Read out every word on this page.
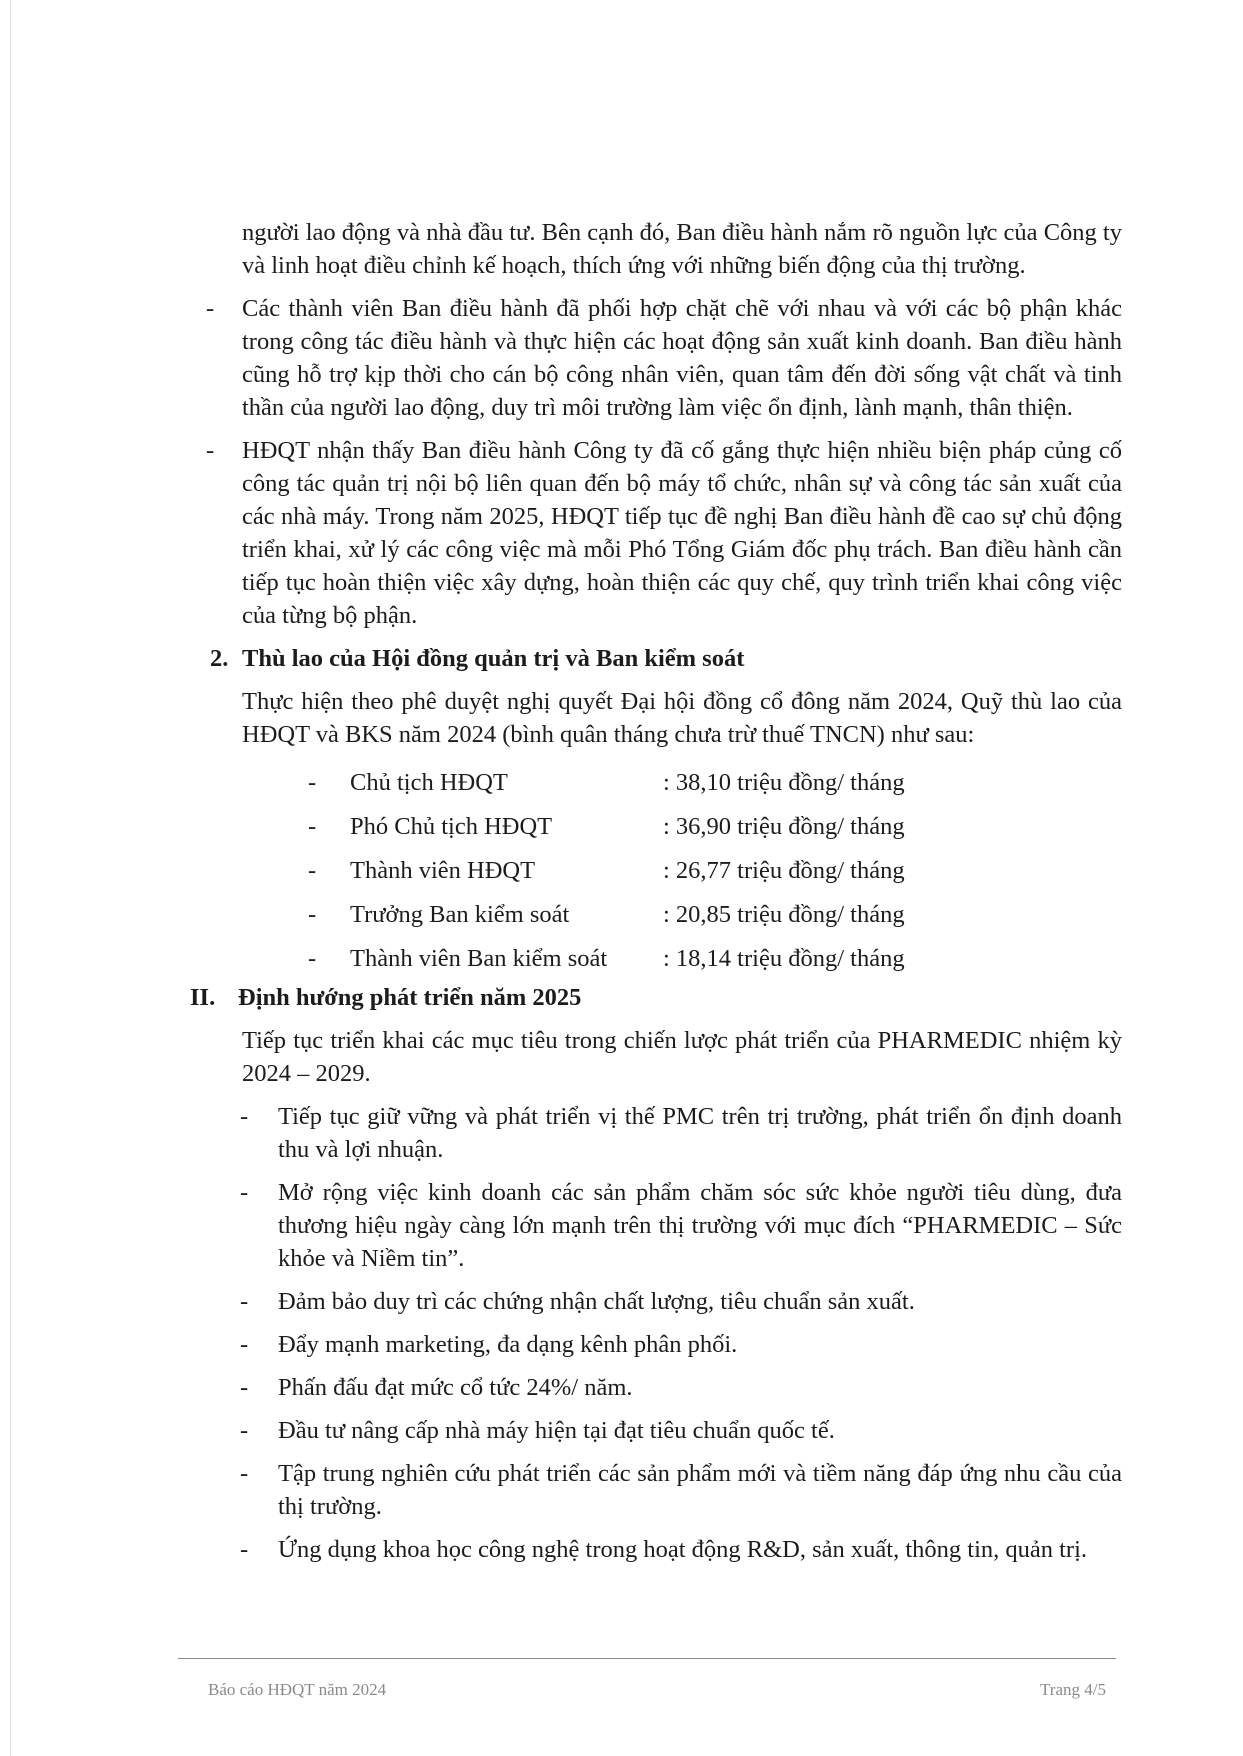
người lao động và nhà đầu tư. Bên cạnh đó, Ban điều hành nắm rõ nguồn lực của Công ty và linh hoạt điều chỉnh kế hoạch, thích ứng với những biến động của thị trường.

- Các thành viên Ban điều hành đã phối hợp chặt chẽ với nhau và với các bộ phận khác trong công tác điều hành và thực hiện các hoạt động sản xuất kinh doanh. Ban điều hành cũng hỗ trợ kịp thời cho cán bộ công nhân viên, quan tâm đến đời sống vật chất và tinh thần của người lao động, duy trì môi trường làm việc ổn định, lành mạnh, thân thiện.
- HĐQT nhận thấy Ban điều hành Công ty đã cố gắng thực hiện nhiều biện pháp củng cố công tác quản trị nội bộ liên quan đến bộ máy tổ chức, nhân sự và công tác sản xuất của các nhà máy. Trong năm 2025, HĐQT tiếp tục đề nghị Ban điều hành đề cao sự chủ động triển khai, xử lý các công việc mà mỗi Phó Tổng Giám đốc phụ trách. Ban điều hành cần tiếp tục hoàn thiện việc xây dựng, hoàn thiện các quy chế, quy trình triển khai công việc của từng bộ phận.
2. Thù lao của Hội đồng quản trị và Ban kiểm soát

Thực hiện theo phê duyệt nghị quyết Đại hội đồng cổ đông năm 2024, Quỹ thù lao của HĐQT và BKS năm 2024 (bình quân tháng chưa trừ thuế TNCN) như sau:

- Chủ tịch HĐQT	: 38,10 triệu đồng/ tháng
- Phó Chủ tịch HĐQT	: 36,90 triệu đồng/ tháng
- Thành viên HĐQT	: 26,77 triệu đồng/ tháng
- Trưởng Ban kiểm soát	: 20,85 triệu đồng/ tháng
- Thành viên Ban kiểm soát : 18,14 triệu đồng/ tháng
II. Định hướng phát triển năm 2025

Tiếp tục triển khai các mục tiêu trong chiến lược phát triển của PHARMEDIC nhiệm kỳ 2024 – 2029.

- Tiếp tục giữ vững và phát triển vị thế PMC trên trị trường, phát triển ổn định doanh thu và lợi nhuận.
- Mở rộng việc kinh doanh các sản phẩm chăm sóc sức khỏe người tiêu dùng, đưa thương hiệu ngày càng lớn mạnh trên thị trường với mục đích “PHARMEDIC – Sức khỏe và Niềm tin”.
- Đảm bảo duy trì các chứng nhận chất lượng, tiêu chuẩn sản xuất.
- Đẩy mạnh marketing, đa dạng kênh phân phối.
- Phấn đấu đạt mức cổ tức 24%/ năm.
- Đầu tư nâng cấp nhà máy hiện tại đạt tiêu chuẩn quốc tế.
- Tập trung nghiên cứu phát triển các sản phẩm mới và tiềm năng đáp ứng nhu cầu của thị trường.
- Ứng dụng khoa học công nghệ trong hoạt động R&D, sản xuất, thông tin, quản trị.
Báo cáo HĐQT năm 2024	Trang 4/5
